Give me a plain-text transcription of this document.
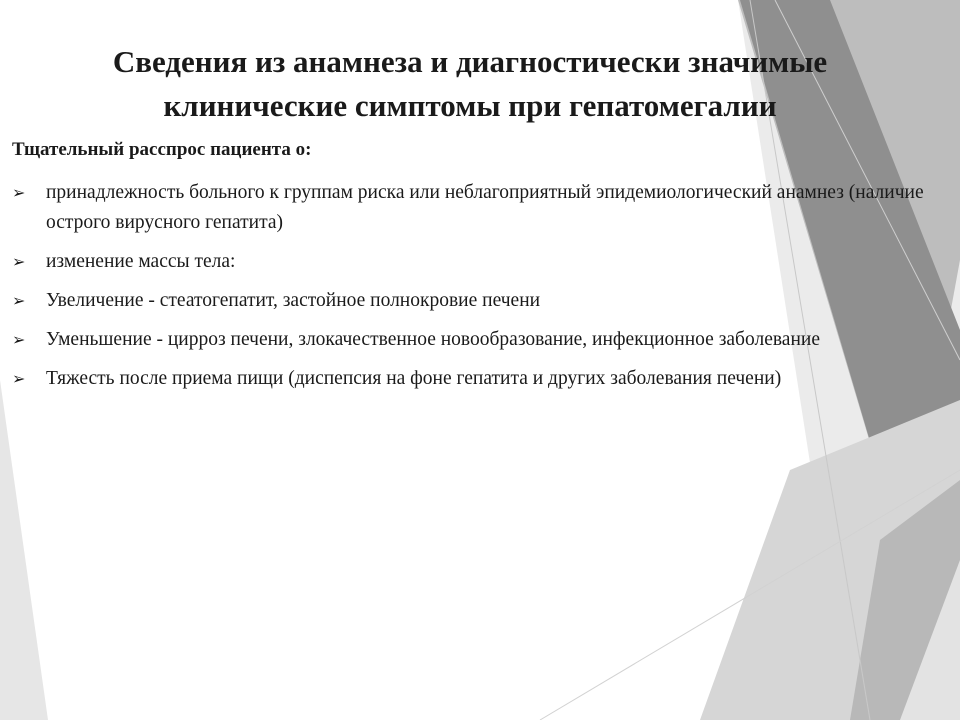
Сведения из анамнеза и диагностически значимые
клинические симптомы при гепатомегалии
Тщательный расспрос пациента о:
➢ принадлежность больного к группам риска или неблагоприятный эпидемиологический анамнез (наличие острого вирусного гепатита)
➢ изменение массы тела:
➢ Увеличение - стеатогепатит, застойное полнокровие печени
➢ Уменьшение - цирроз печени, злокачественное новообразование, инфекционное заболевание
➢ Тяжесть после приема пищи (диспепсия на фоне гепатита и других заболевания печени)
